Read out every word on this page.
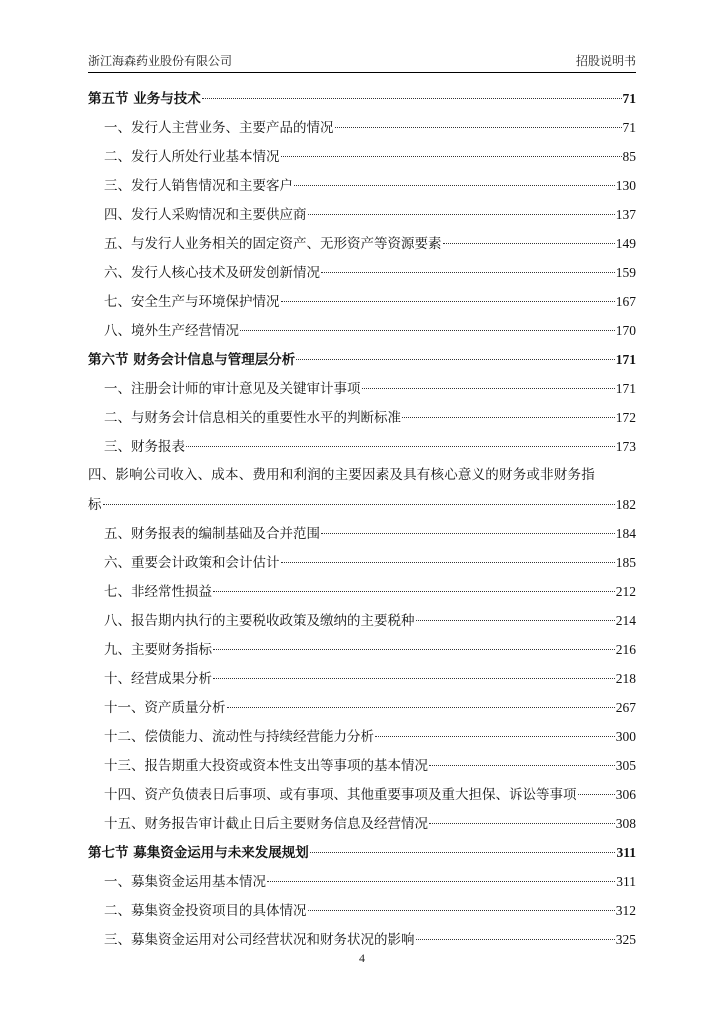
浙江海森药业股份有限公司	招股说明书
第五节 业务与技术	71
一、发行人主营业务、主要产品的情况	71
二、发行人所处行业基本情况	85
三、发行人销售情况和主要客户	130
四、发行人采购情况和主要供应商	137
五、与发行人业务相关的固定资产、无形资产等资源要素	149
六、发行人核心技术及研发创新情况	159
七、安全生产与环境保护情况	167
八、境外生产经营情况	170
第六节 财务会计信息与管理层分析	171
一、注册会计师的审计意见及关键审计事项	171
二、与财务会计信息相关的重要性水平的判断标准	172
三、财务报表	173
四、影响公司收入、成本、费用和利润的主要因素及具有核心意义的财务或非财务指
标	182
五、财务报表的编制基础及合并范围	184
六、重要会计政策和会计估计	185
七、非经常性损益	212
八、报告期内执行的主要税收政策及缴纳的主要税种	214
九、主要财务指标	216
十、经营成果分析	218
十一、资产质量分析	267
十二、偿债能力、流动性与持续经营能力分析	300
十三、报告期重大投资或资本性支出等事项的基本情况	305
十四、资产负债表日后事项、或有事项、其他重要事项及重大担保、诉讼等事项	306
十五、财务报告审计截止日后主要财务信息及经营情况	308
第七节 募集资金运用与未来发展规划	311
一、募集资金运用基本情况	311
二、募集资金投资项目的具体情况	312
三、募集资金运用对公司经营状况和财务状况的影响	325
4
